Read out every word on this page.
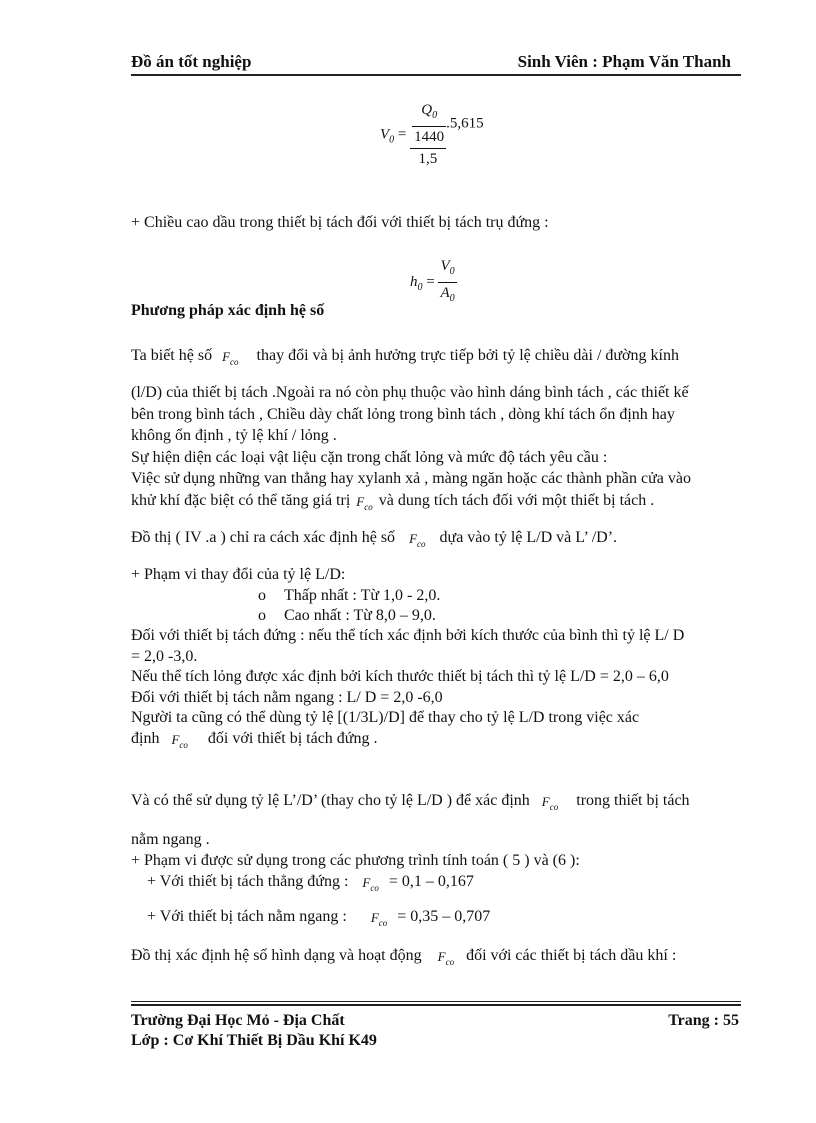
Đồ án tốt nghiệp	Sinh Viên : Phạm Văn Thanh
$V_0 = \frac{\frac{Q_0}{1440} .5,615}{1,5}$
+ Chiều cao dầu trong thiết bị tách đối với thiết bị tách trụ đứng :
$h_0 = \frac{V_0}{A_0}$
Phương pháp xác định hệ số
Ta biết hệ số $F_{co}$ thay đổi và bị ảnh hưởng trực tiếp bởi tỷ lệ chiều dài / đường kính
(l/D) của thiết bị tách .Ngoài ra nó còn phụ thuộc vào hình dáng bình tách , các thiết kế
bên trong bình tách , Chiều dày chất lỏng trong bình tách , dòng khí tách ổn định hay
không ổn định , tỷ lệ khí / lỏng .
Sự hiện diện các loại vật liệu cặn trong chất lỏng và mức độ tách yêu cầu :
Việc sử dụng những van thẳng hay xylanh xả , màng ngăn hoặc các thành phần cửa vào
khử khí đặc biệt có thể tăng giá trị $F_{co}$ và dung tích tách đối với một thiết bị tách .
Đồ thị ( IV .a ) chỉ ra cách xác định hệ số $F_{co}$ dựa vào tỷ lệ L/D và L’ /D’.
+ Phạm vi thay đổi của tỷ lệ L/D:
o Thấp nhất : Từ 1,0 - 2,0.
o Cao nhất : Từ 8,0 – 9,0.
Đối với thiết bị tách đứng : nếu thể tích xác định bởi kích thước của bình thì tỷ lệ L/ D
= 2,0 -3,0.
Nếu thể tích lỏng được xác định bởi kích thước thiết bị tách thì tỷ lệ L/D = 2,0 – 6,0
Đối với thiết bị tách nằm ngang : L/ D = 2,0 -6,0
Người ta cũng có thể dùng tỷ lệ [(1/3L)/D] để thay cho tỷ lệ L/D trong việc xác
định $F_{co}$ đối với thiết bị tách đứng .
Và có thể sử dụng tỷ lệ L’/D’ (thay cho tỷ lệ L/D ) để xác định $F_{co}$ trong thiết bị tách
nằm ngang .
+ Phạm vi được sử dụng trong các phương trình tính toán ( 5 ) và (6 ):
+ Với thiết bị tách thẳng đứng : $F_{co} = 0,1 - 0,167$
+ Với thiết bị tách nằm ngang : $F_{co} = 0,35 - 0,707$
Đồ thị xác định hệ số hình dạng và hoạt động $F_{co}$ đối với các thiết bị tách dầu khí :
Trường Đại Học Mỏ - Địa Chất
Lớp : Cơ Khí Thiết Bị Dầu Khí K49
Trang : 55
